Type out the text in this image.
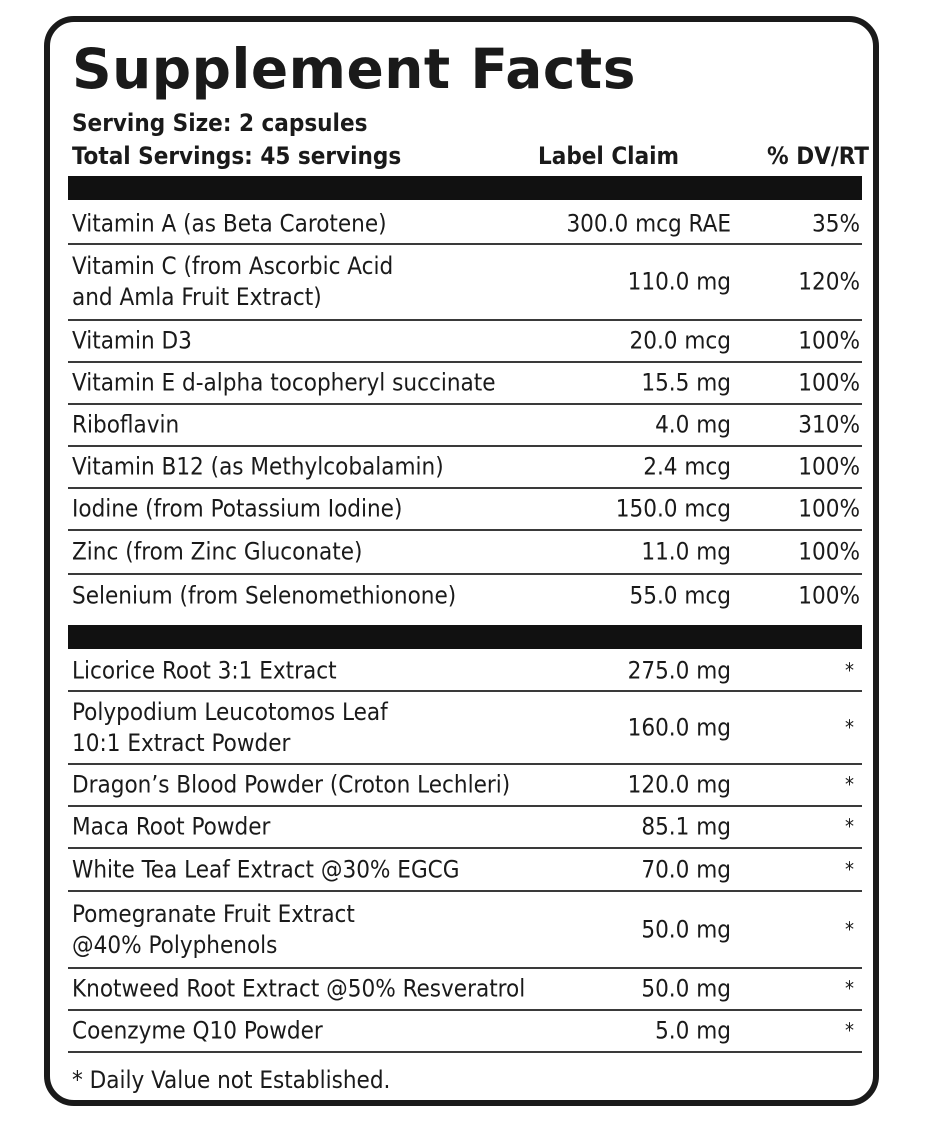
Supplement Facts
Serving Size: 2 capsules
Total Servings: 45 servings	Label Claim	% DV/RT
Vitamin A (as Beta Carotene)	300.0 mcg RAE	35%
Vitamin C (from Ascorbic Acid
and Amla Fruit Extract)
110.0 mg	120%
Vitamin D3	20.0 mcg	100%
Vitamin E d-alpha tocopheryl succinate	15.5 mg	100%
Riboflavin	4.0 mg	310%
Vitamin B12 (as Methylcobalamin)	2.4 mcg	100%
Iodine (from Potassium Iodine)	150.0 mcg	100%
Zinc (from Zinc Gluconate)	11.0 mg	100%
Selenium (from Selenomethionone)	55.0 mcg	100%
Licorice Root 3:1 Extract	275.0 mg	*
Polypodium Leucotomos Leaf
10:1 Extract Powder
160.0 mg	*
Dragon’s Blood Powder (Croton Lechleri)	120.0 mg	*
Maca Root Powder	85.1 mg	*
White Tea Leaf Extract @30% EGCG	70.0 mg	*
Pomegranate Fruit Extract
@40% Polyphenols
50.0 mg	*
Knotweed Root Extract @50% Resveratrol	50.0 mg	*
Coenzyme Q10 Powder	5.0 mg	*
* Daily Value not Established.
